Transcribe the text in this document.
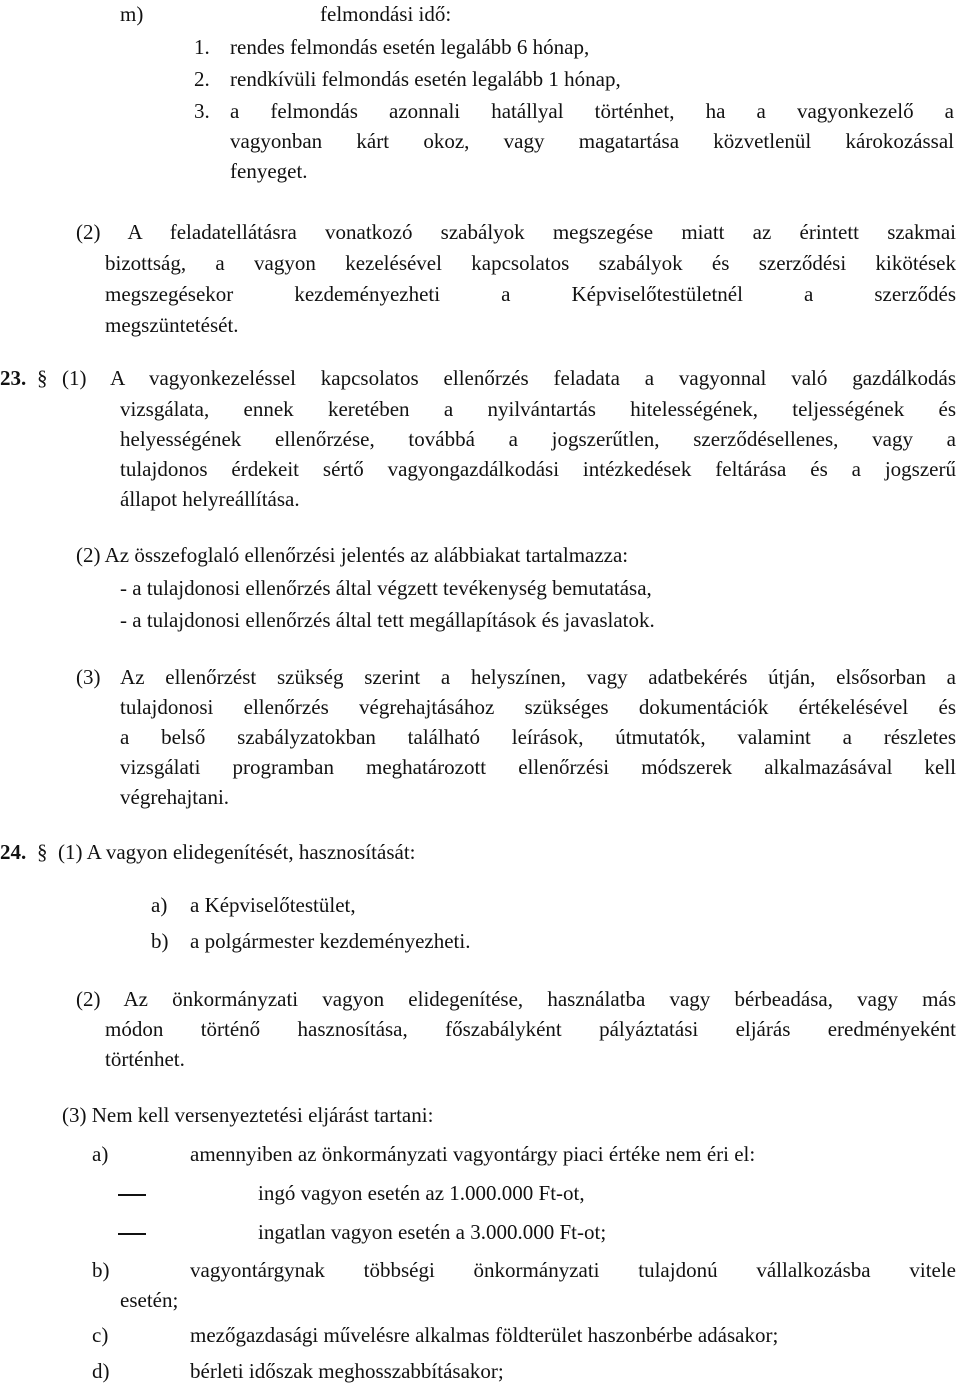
m)	felmondási idő:
1. rendes felmondás esetén legalább 6 hónap,
2. rendkívüli felmondás esetén legalább 1 hónap,
3. a felmondás azonnali hatállyal történhet, ha a vagyonkezelő a
vagyonban kárt okoz, vagy magatartása közvetlenül károkozással
fenyeget.
(2) A feladatellátásra vonatkozó szabályok megszegése miatt az érintett szakmai
bizottság, a vagyon kezelésével kapcsolatos szabályok és szerződési kikötések
megszegésekor kezdeményezheti a Képviselőtestületnél a szerződés
megszüntetését.
23. § (1) A vagyonkezeléssel kapcsolatos ellenőrzés feladata a vagyonnal való gazdálkodás
vizsgálata, ennek keretében a nyilvántartás hitelességének, teljességének és
helyességének ellenőrzése, továbbá a jogszerűtlen, szerződésellenes, vagy a
tulajdonos érdekeit sértő vagyongazdálkodási intézkedések feltárása és a jogszerű
állapot helyreállítása.
(2) Az összefoglaló ellenőrzési jelentés az alábbiakat tartalmazza:
- a tulajdonosi ellenőrzés által végzett tevékenység bemutatása,
- a tulajdonosi ellenőrzés által tett megállapítások és javaslatok.
(3) Az ellenőrzést szükség szerint a helyszínen, vagy adatbekérés útján, elsősorban a
tulajdonosi ellenőrzés végrehajtásához szükséges dokumentációk értékelésével és
a belső szabályzatokban található leírások, útmutatók, valamint a részletes
vizsgálati programban meghatározott ellenőrzési módszerek alkalmazásával kell
végrehajtani.
24. § (1) A vagyon elidegenítését, hasznosítását:
a) a Képviselőtestület,
b) a polgármester kezdeményezheti.
(2) Az önkormányzati vagyon elidegenítése, használatba vagy bérbeadása, vagy más
módon történő hasznosítása, főszabályként pályáztatási eljárás eredményeként
történhet.
(3) Nem kell versenyeztetési eljárást tartani:
a)	amennyiben az önkormányzati vagyontárgy piaci értéke nem éri el:
ingó vagyon esetén az 1.000.000 Ft-ot,
ingatlan vagyon esetén a 3.000.000 Ft-ot;
b)	vagyontárgynak többségi önkormányzati tulajdonú vállalkozásba vitele
esetén;
c)	mezőgazdasági művelésre alkalmas földterület haszonbérbe adásakor;
d)	bérleti időszak meghosszabbításakor;
